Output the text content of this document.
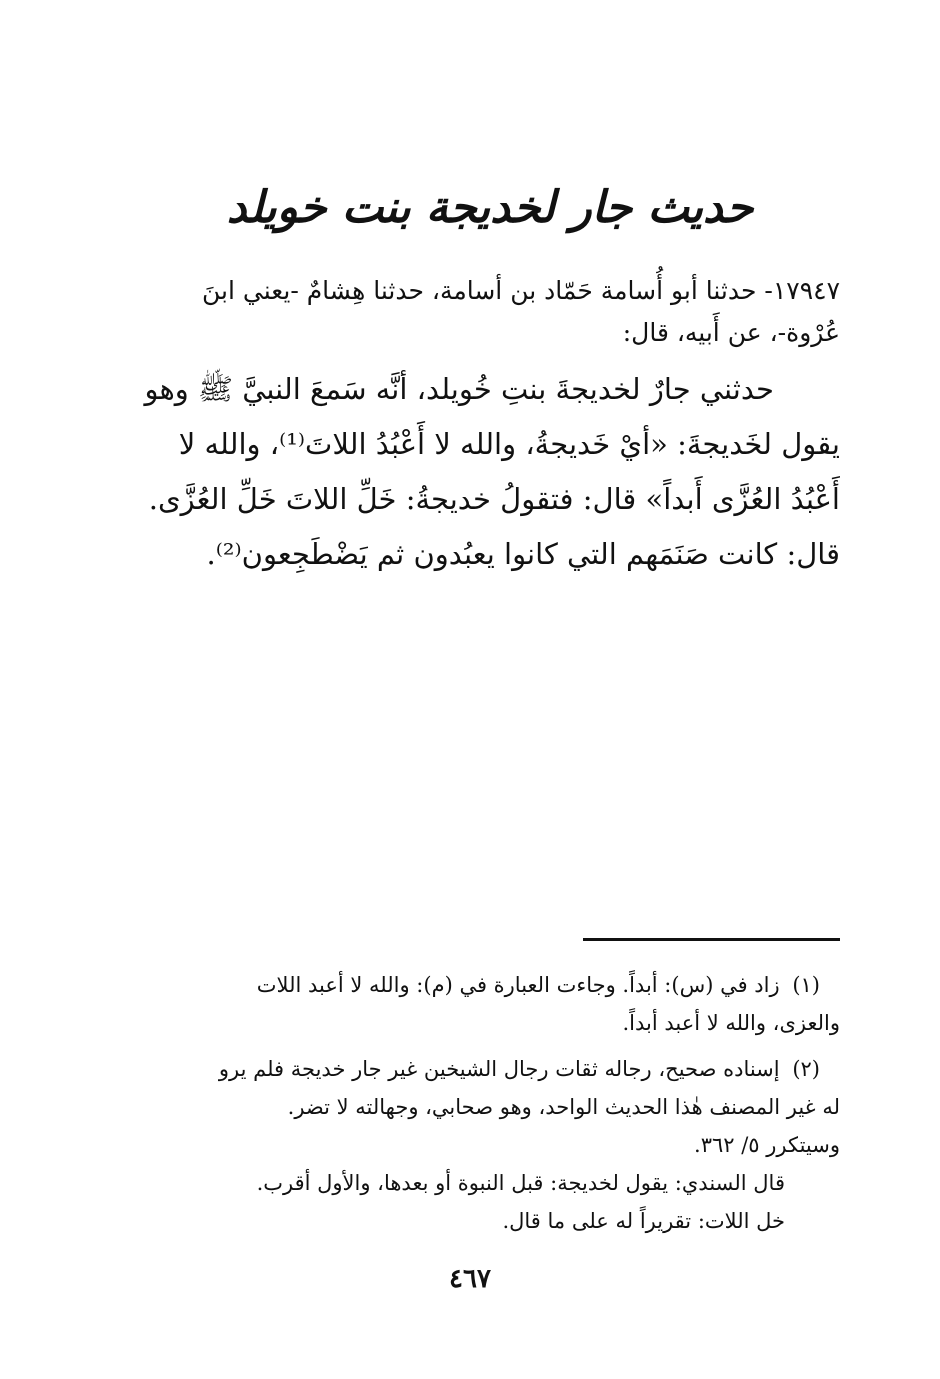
حديث جار لخديجة بنت خويلد
١٧٩٤٧- حدثنا أبو أُسامة حَمّاد بن أسامة، حدثنا هِشامٌ -يعني ابنَ
عُرْوة-، عن أَبيه، قال:
حدثني جارٌ لخديجةَ بنتِ خُويلد، أنَّه سَمعَ النبيَّ ﷺ وهو
يقول لخَديجةَ: «أيْ خَديجةُ، والله لا أَعْبُدُ اللاتَ⁽¹⁾، والله لا
أَعْبُدُ العُزَّى أَبداً» قال: فتقولُ خديجةُ: خَلِّ اللاتَ خَلِّ العُزَّى.
قال: كانت صَنَمَهم التي كانوا يعبُدون ثم يَضْطَجِعون⁽²⁾.
(١) زاد في (س): أبداً. وجاءت العبارة في (م): والله لا أعبد اللات
والعزى، والله لا أعبد أبداً.
(٢) إسناده صحيح، رجاله ثقات رجال الشيخين غير جار خديجة فلم يرو
له غير المصنف هٰذا الحديث الواحد، وهو صحابي، وجهالته لا تضر.
وسيتكرر ٥/ ٣٦٢.

قال السندي: يقول لخديجة: قبل النبوة أو بعدها، والأول أقرب.

خل اللات: تقريراً له على ما قال.

٤٦٧
